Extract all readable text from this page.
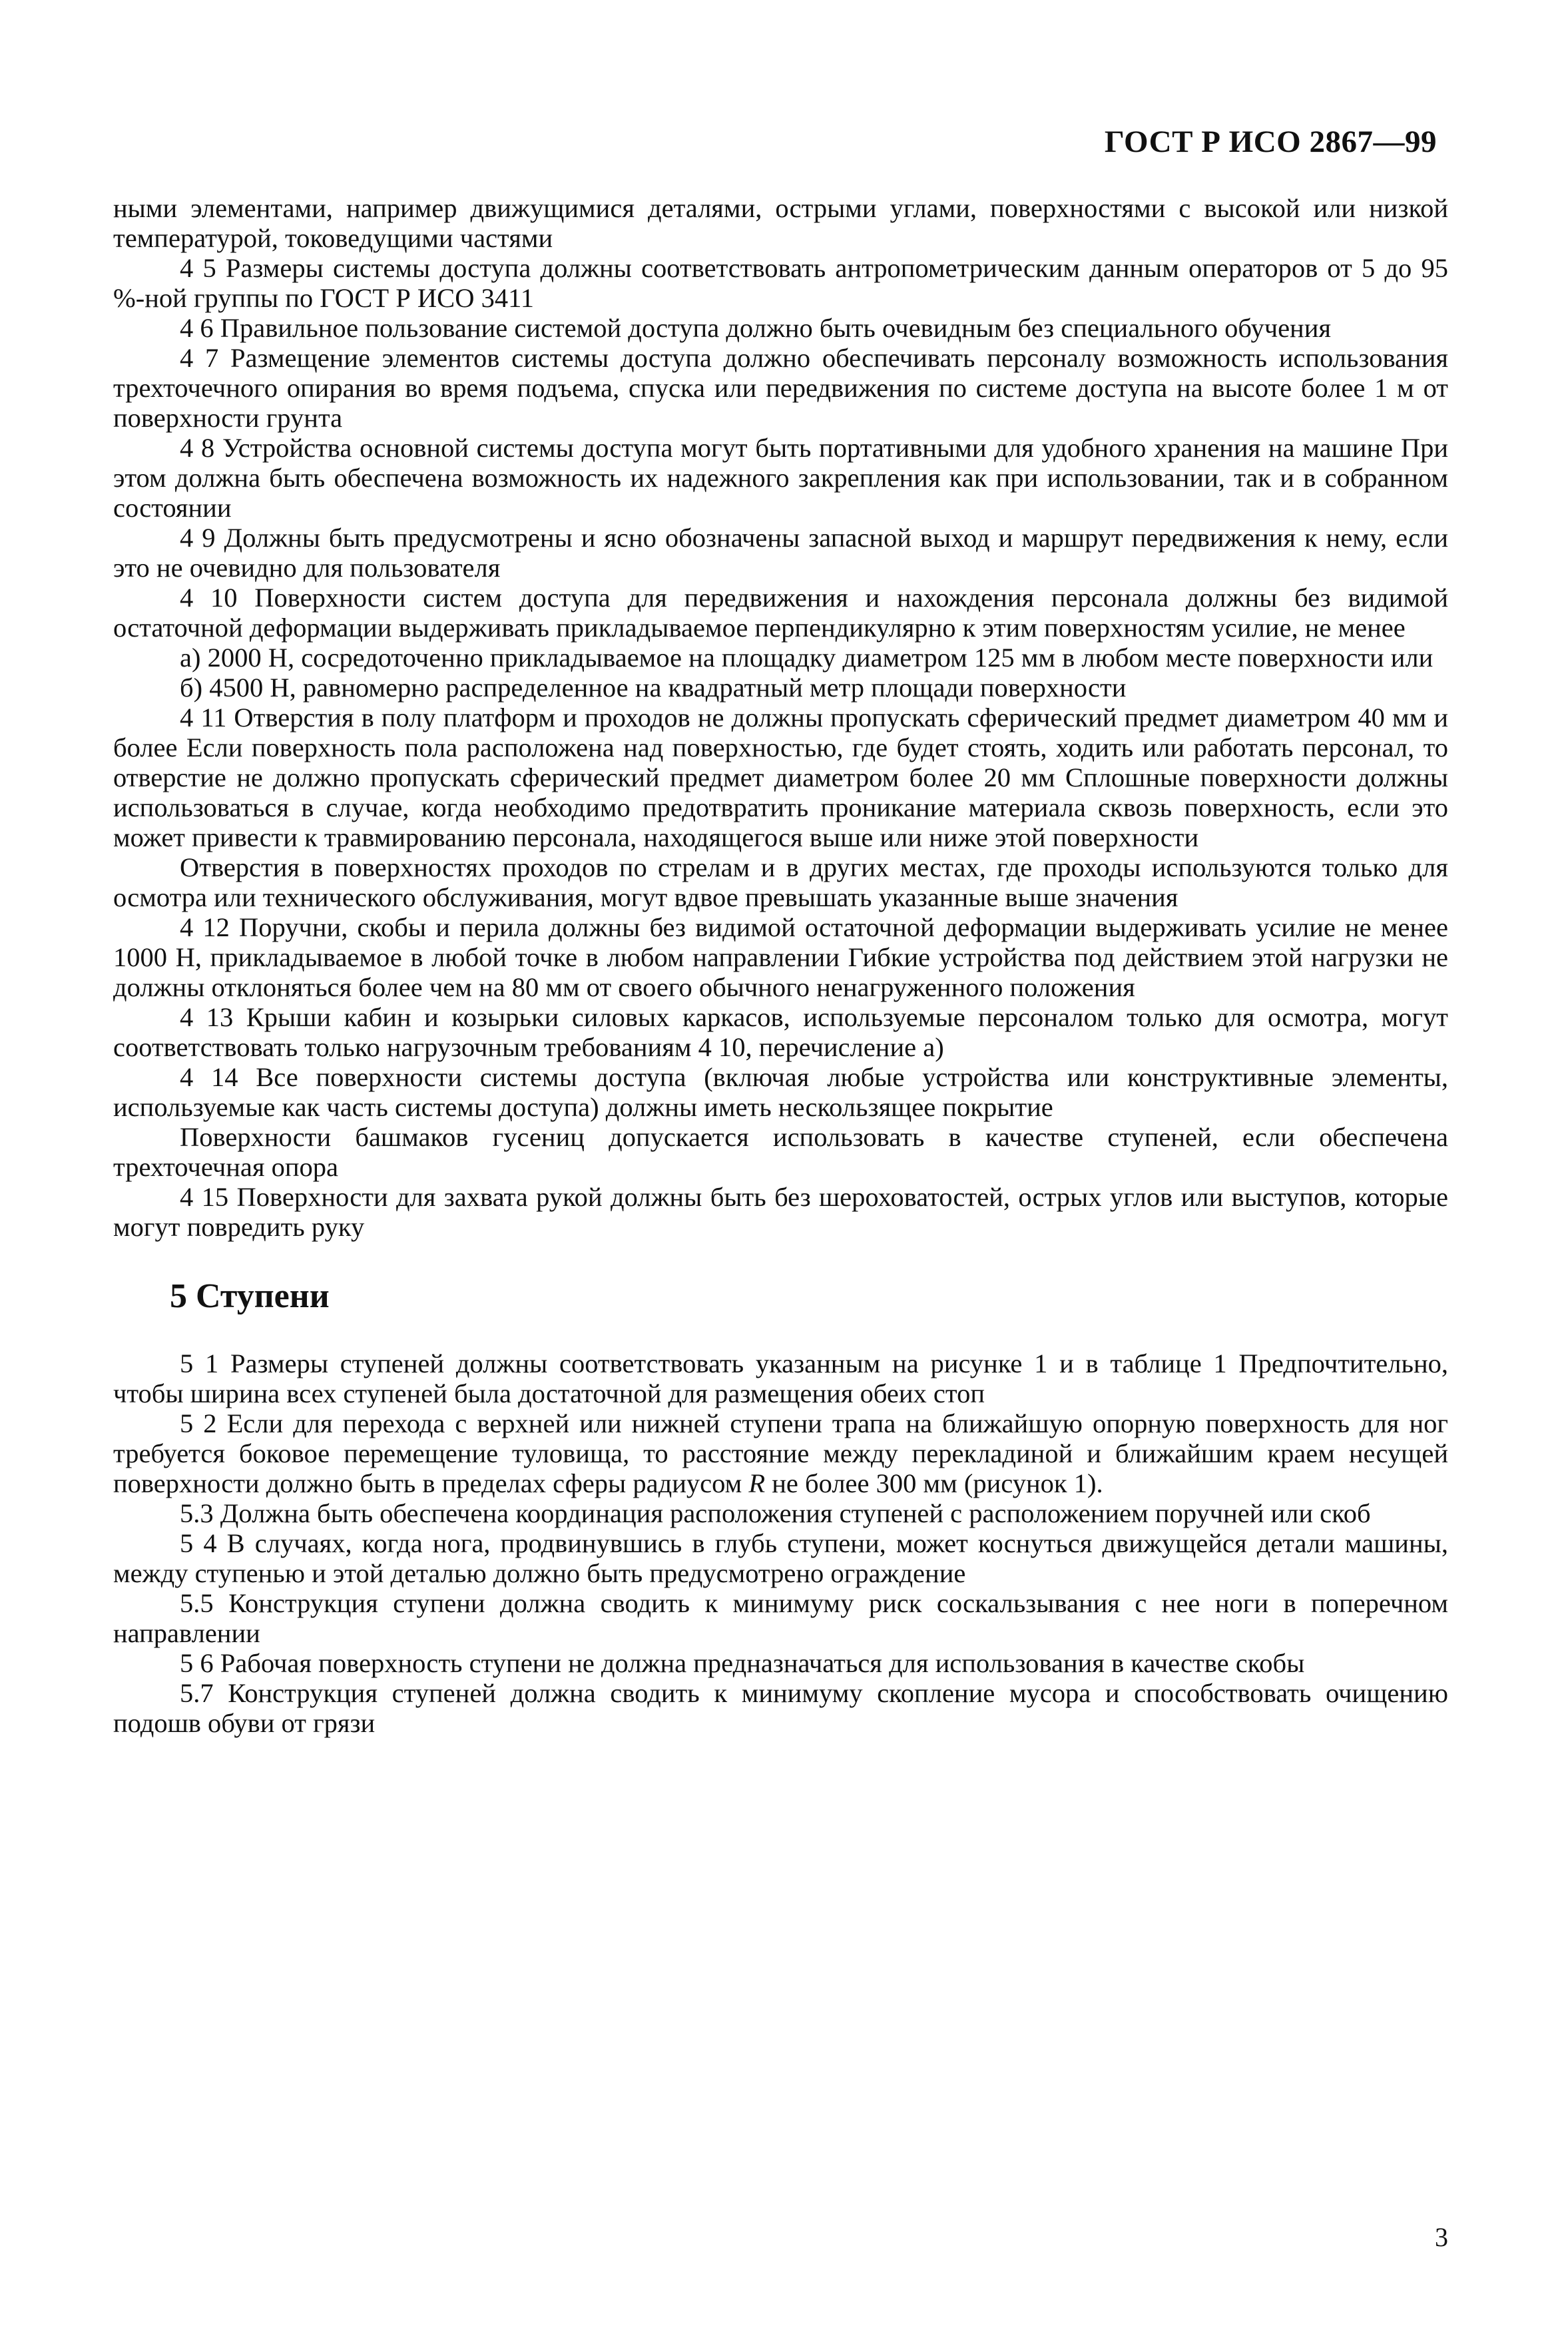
ГОСТ Р ИСО 2867—99

ными элементами, например движущимися деталями, острыми углами, поверхностями с высокой или низкой температурой, токоведущими частями

4 5 Размеры системы доступа должны соответствовать антропометрическим данным операторов от 5 до 95 %-ной группы по ГОСТ Р ИСО 3411

4 6 Правильное пользование системой доступа должно быть очевидным без специального обучения

4 7 Размещение элементов системы доступа должно обеспечивать персоналу возможность использования трехточечного опирания во время подъема, спуска или передвижения по системе доступа на высоте более 1 м от поверхности грунта

4 8 Устройства основной системы доступа могут быть портативными для удобного хранения на машине При этом должна быть обеспечена возможность их надежного закрепления как при использовании, так и в собранном состоянии

4 9 Должны быть предусмотрены и ясно обозначены запасной выход и маршрут передвижения к нему, если это не очевидно для пользователя

4 10 Поверхности систем доступа для передвижения и нахождения персонала должны без видимой остаточной деформации выдерживать прикладываемое перпендикулярно к этим поверхностям усилие, не менее

а) 2000 Н, сосредоточенно прикладываемое на площадку диаметром 125 мм в любом месте поверхности или

б) 4500 Н, равномерно распределенное на квадратный метр площади поверхности

4 11 Отверстия в полу платформ и проходов не должны пропускать сферический предмет диаметром 40 мм и более Если поверхность пола расположена над поверхностью, где будет стоять, ходить или работать персонал, то отверстие не должно пропускать сферический предмет диаметром более 20 мм Сплошные поверхности должны использоваться в случае, когда необходимо предотвратить проникание материала сквозь поверхность, если это может привести к травмированию персонала, находящегося выше или ниже этой поверхности

Отверстия в поверхностях проходов по стрелам и в других местах, где проходы используются только для осмотра или технического обслуживания, могут вдвое превышать указанные выше значения

4 12 Поручни, скобы и перила должны без видимой остаточной деформации выдерживать усилие не менее 1000 Н, прикладываемое в любой точке в любом направлении Гибкие устройства под действием этой нагрузки не должны отклоняться более чем на 80 мм от своего обычного ненагруженного положения

4 13 Крыши кабин и козырьки силовых каркасов, используемые персоналом только для осмотра, могут соответствовать только нагрузочным требованиям 4 10, перечисление а)

4 14 Все поверхности системы доступа (включая любые устройства или конструктивные элементы, используемые как часть системы доступа) должны иметь нескользящее покрытие

Поверхности башмаков гусениц допускается использовать в качестве ступеней, если обеспечена трехточечная опора

4 15 Поверхности для захвата рукой должны быть без шероховатостей, острых углов или выступов, которые могут повредить руку

5 Ступени

5 1 Размеры ступеней должны соответствовать указанным на рисунке 1 и в таблице 1 Предпочтительно, чтобы ширина всех ступеней была достаточной для размещения обеих стоп

5 2 Если для перехода с верхней или нижней ступени трапа на ближайшую опорную поверхность для ног требуется боковое перемещение туловища, то расстояние между перекладиной и ближайшим краем несущей поверхности должно быть в пределах сферы радиусом R не более 300 мм (рисунок 1).

5.3 Должна быть обеспечена координация расположения ступеней с расположением поручней или скоб

5 4 В случаях, когда нога, продвинувшись в глубь ступени, может коснуться движущейся детали машины, между ступенью и этой деталью должно быть предусмотрено ограждение

5.5 Конструкция ступени должна сводить к минимуму риск соскальзывания с нее ноги в поперечном направлении

5 6 Рабочая поверхность ступени не должна предназначаться для использования в качестве скобы

5.7 Конструкция ступеней должна сводить к минимуму скопление мусора и способствовать очищению подошв обуви от грязи

3
